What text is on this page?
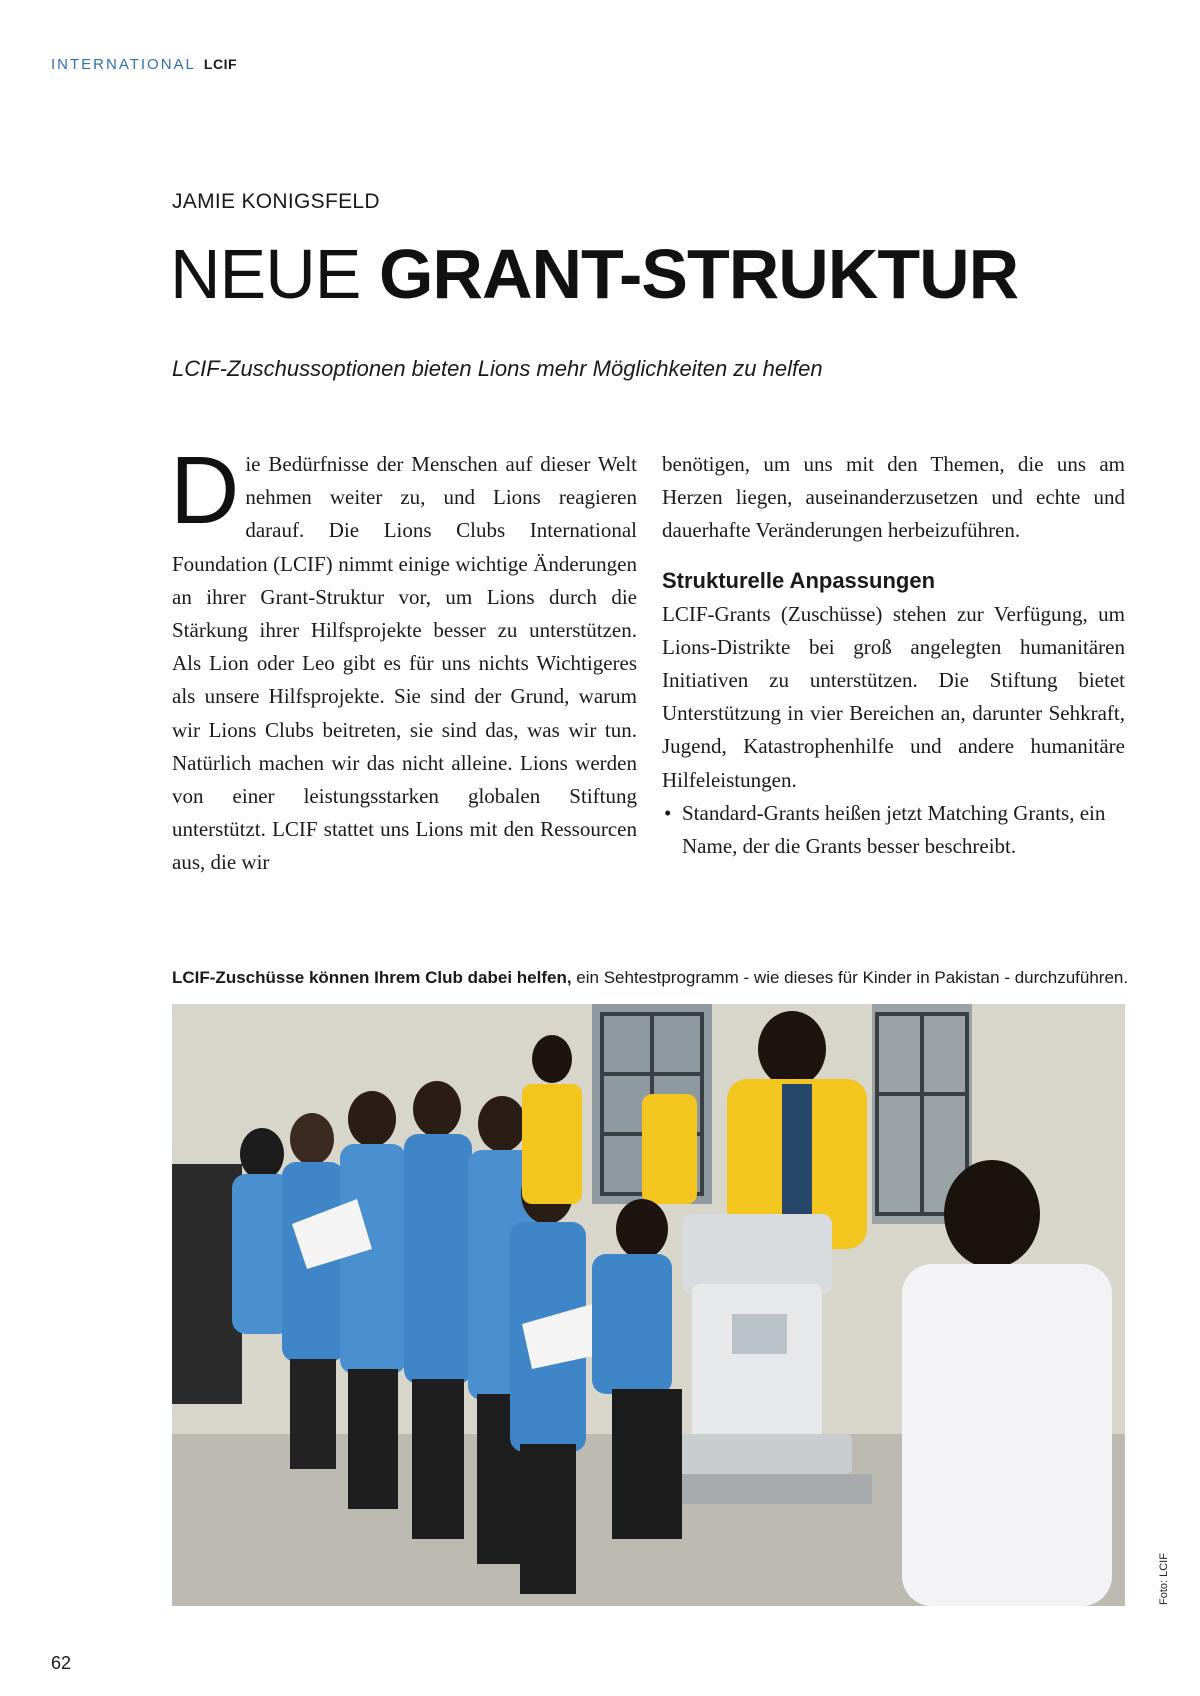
INTERNATIONAL LCIF
JAMIE KONIGSFELD
NEUE GRANT-STRUKTUR
LCIF-Zuschussoptionen bieten Lions mehr Möglichkeiten zu helfen

Die Bedürfnisse der Menschen auf dieser Welt nehmen weiter zu, und Lions reagieren darauf. Die Lions Clubs International Foundation (LCIF) nimmt einige wichtige Änderungen an ihrer Grant-Struktur vor, um Lions durch die Stärkung ihrer Hilfsprojekte besser zu unterstützen. Als Lion oder Leo gibt es für uns nichts Wichtigeres als unsere Hilfsprojekte. Sie sind der Grund, warum wir Lions Clubs beitreten, sie sind das, was wir tun. Natürlich machen wir das nicht alleine. Lions werden von einer leistungsstarken globalen Stiftung unterstützt. LCIF stattet uns Lions mit den Ressourcen aus, die wir

benötigen, um uns mit den Themen, die uns am Herzen liegen, auseinanderzusetzen und echte und dauerhafte Veränderungen herbeizuführen.

Strukturelle Anpassungen

LCIF-Grants (Zuschüsse) stehen zur Verfügung, um Lions-Distrikte bei groß angelegten humanitären Initiativen zu unterstützen. Die Stiftung bietet Unterstützung in vier Bereichen an, darunter Sehkraft, Jugend, Katastrophenhilfe und andere humanitäre Hilfeleistungen.

• Standard-Grants heißen jetzt Matching Grants, ein Name, der die Grants besser beschreibt.
LCIF-Zuschüsse können Ihrem Club dabei helfen, ein Sehtestprogramm - wie dieses für Kinder in Pakistan - durchzuführen.
Foto: LCIF
62
